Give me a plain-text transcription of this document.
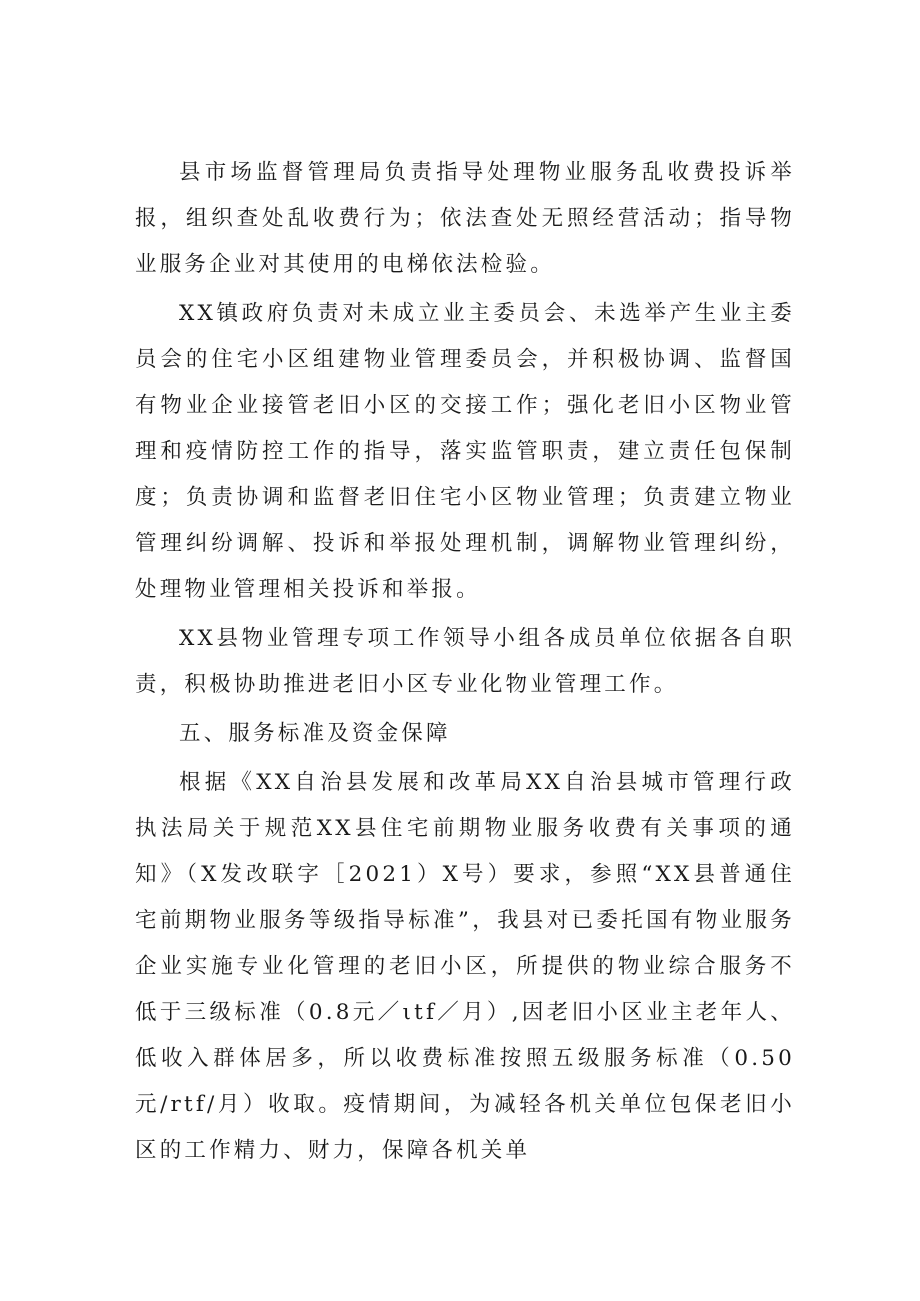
县市场监督管理局负责指导处理物业服务乱收费投诉举报，组织查处乱收费行为；依法查处无照经营活动；指导物业服务企业对其使用的电梯依法检验。

XX镇政府负责对未成立业主委员会、未选举产生业主委员会的住宅小区组建物业管理委员会，并积极协调、监督国有物业企业接管老旧小区的交接工作；强化老旧小区物业管理和疫情防控工作的指导，落实监管职责，建立责任包保制度；负责协调和监督老旧住宅小区物业管理；负责建立物业管理纠纷调解、投诉和举报处理机制，调解物业管理纠纷，处理物业管理相关投诉和举报。

XX县物业管理专项工作领导小组各成员单位依据各自职责，积极协助推进老旧小区专业化物业管理工作。

五、服务标准及资金保障

根据《XX自治县发展和改革局XX自治县城市管理行政执法局关于规范XX县住宅前期物业服务收费有关事项的通知》（X发改联字［2021）X号）要求，参照“XX县普通住宅前期物业服务等级指导标准”，我县对已委托国有物业服务企业实施专业化管理的老旧小区，所提供的物业综合服务不低于三级标准（0.8元／ιtf／月）,因老旧小区业主老年人、低收入群体居多，所以收费标准按照五级服务标准（0.50元/rtf/月）收取。疫情期间，为减轻各机关单位包保老旧小区的工作精力、财力，保障各机关单
